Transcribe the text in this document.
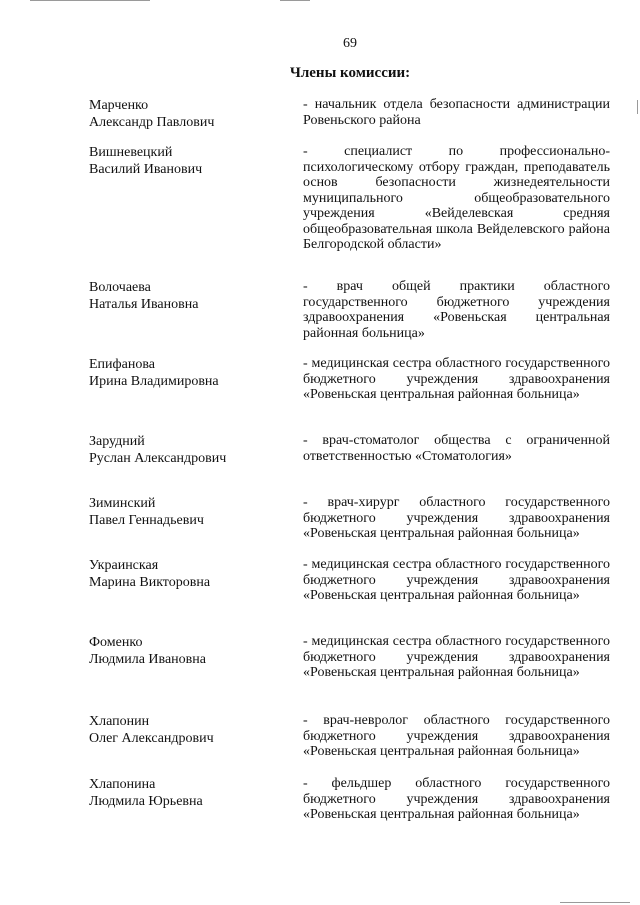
69
Члены комиссии:
Марченко
Александр Павлович
- начальник отдела безопасности администрации Ровеньского района
Вишневецкий
Василий Иванович
- специалист по профессионально-психологическому отбору граждан, преподаватель основ безопасности жизнедеятельности муниципального общеобразовательного учреждения «Вейделевская средняя общеобразовательная школа Вейделевского района Белгородской области»
Волочаева
Наталья Ивановна
- врач общей практики областного государственного бюджетного учреждения здравоохранения «Ровеньская центральная районная больница»
Епифанова
Ирина Владимировна
- медицинская сестра областного государственного бюджетного учреждения здравоохранения «Ровеньская центральная районная больница»
Зарудний
Руслан Александрович
- врач-стоматолог общества с ограниченной ответственностью «Стоматология»
Зиминский
Павел Геннадьевич
- врач-хирург областного государственного бюджетного учреждения здравоохранения «Ровеньская центральная районная больница»
Украинская
Марина Викторовна
- медицинская сестра областного государственного бюджетного учреждения здравоохранения «Ровеньская центральная районная больница»
Фоменко
Людмила Ивановна
- медицинская сестра областного государственного бюджетного учреждения здравоохранения «Ровеньская центральная районная больница»
Хлапонин
Олег Александрович
- врач-невролог областного государственного бюджетного учреждения здравоохранения «Ровеньская центральная районная больница»
Хлапонина
Людмила Юрьевна
- фельдшер областного государственного бюджетного учреждения здравоохранения «Ровеньская центральная районная больница»
